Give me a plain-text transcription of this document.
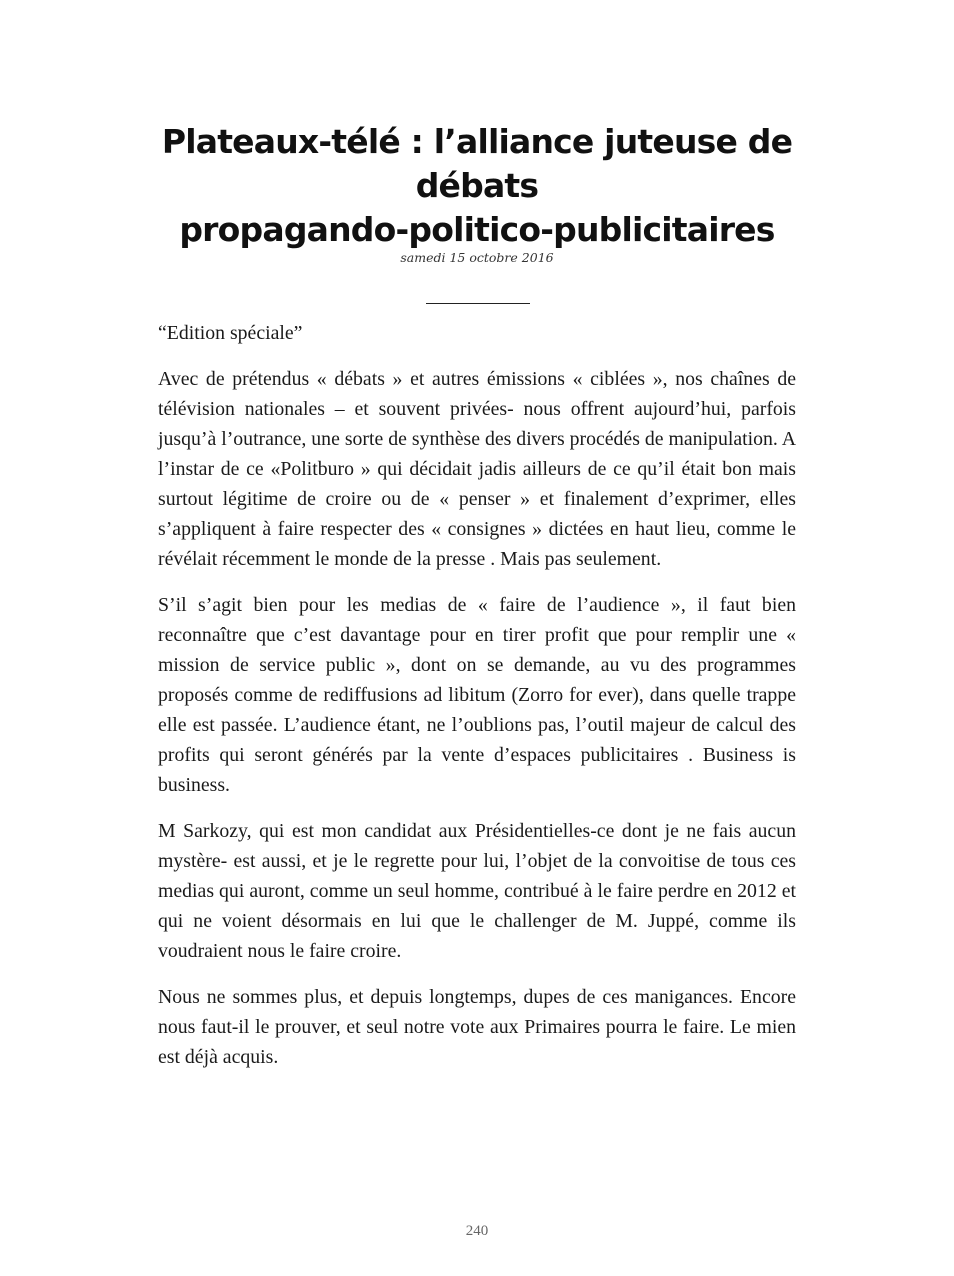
Plateaux-télé : l’alliance juteuse de
débats
propagando-politico-publicitaires
samedi 15 octobre 2016

“Edition spéciale”

Avec de prétendus « débats » et autres émissions « ciblées », nos chaînes de télévision nationales – et souvent privées- nous offrent aujourd’hui, parfois jusqu’à l’outrance, une sorte de synthèse des divers procédés de manipulation. A l’instar de ce «Politburo » qui décidait jadis ailleurs de ce qu’il était bon mais surtout légitime de croire ou de « penser » et finalement d’exprimer, elles s’appliquent à faire respecter des « consignes » dictées en haut lieu, comme le révélait récemment le monde de la presse . Mais pas seulement.

S’il s’agit bien pour les medias de « faire de l’audience », il faut bien reconnaître que c’est davantage pour en tirer profit que pour remplir une « mission de service public », dont on se demande, au vu des programmes proposés comme de rediffusions ad libitum (Zorro for ever), dans quelle trappe elle est passée. L’audience étant, ne l’oublions pas, l’outil majeur de calcul des profits qui seront générés par la vente d’espaces publicitaires . Business is business.

M Sarkozy, qui est mon candidat aux Présidentielles-ce dont je ne fais aucun mystère- est aussi, et je le regrette pour lui, l’objet de la convoitise de tous ces medias qui auront, comme un seul homme, contribué à le faire perdre en 2012 et qui ne voient désormais en lui que le challenger de M. Juppé, comme ils voudraient nous le faire croire.

Nous ne sommes plus, et depuis longtemps, dupes de ces manigances. Encore nous faut-il le prouver, et seul notre vote aux Primaires pourra le faire. Le mien est déjà acquis.

240
